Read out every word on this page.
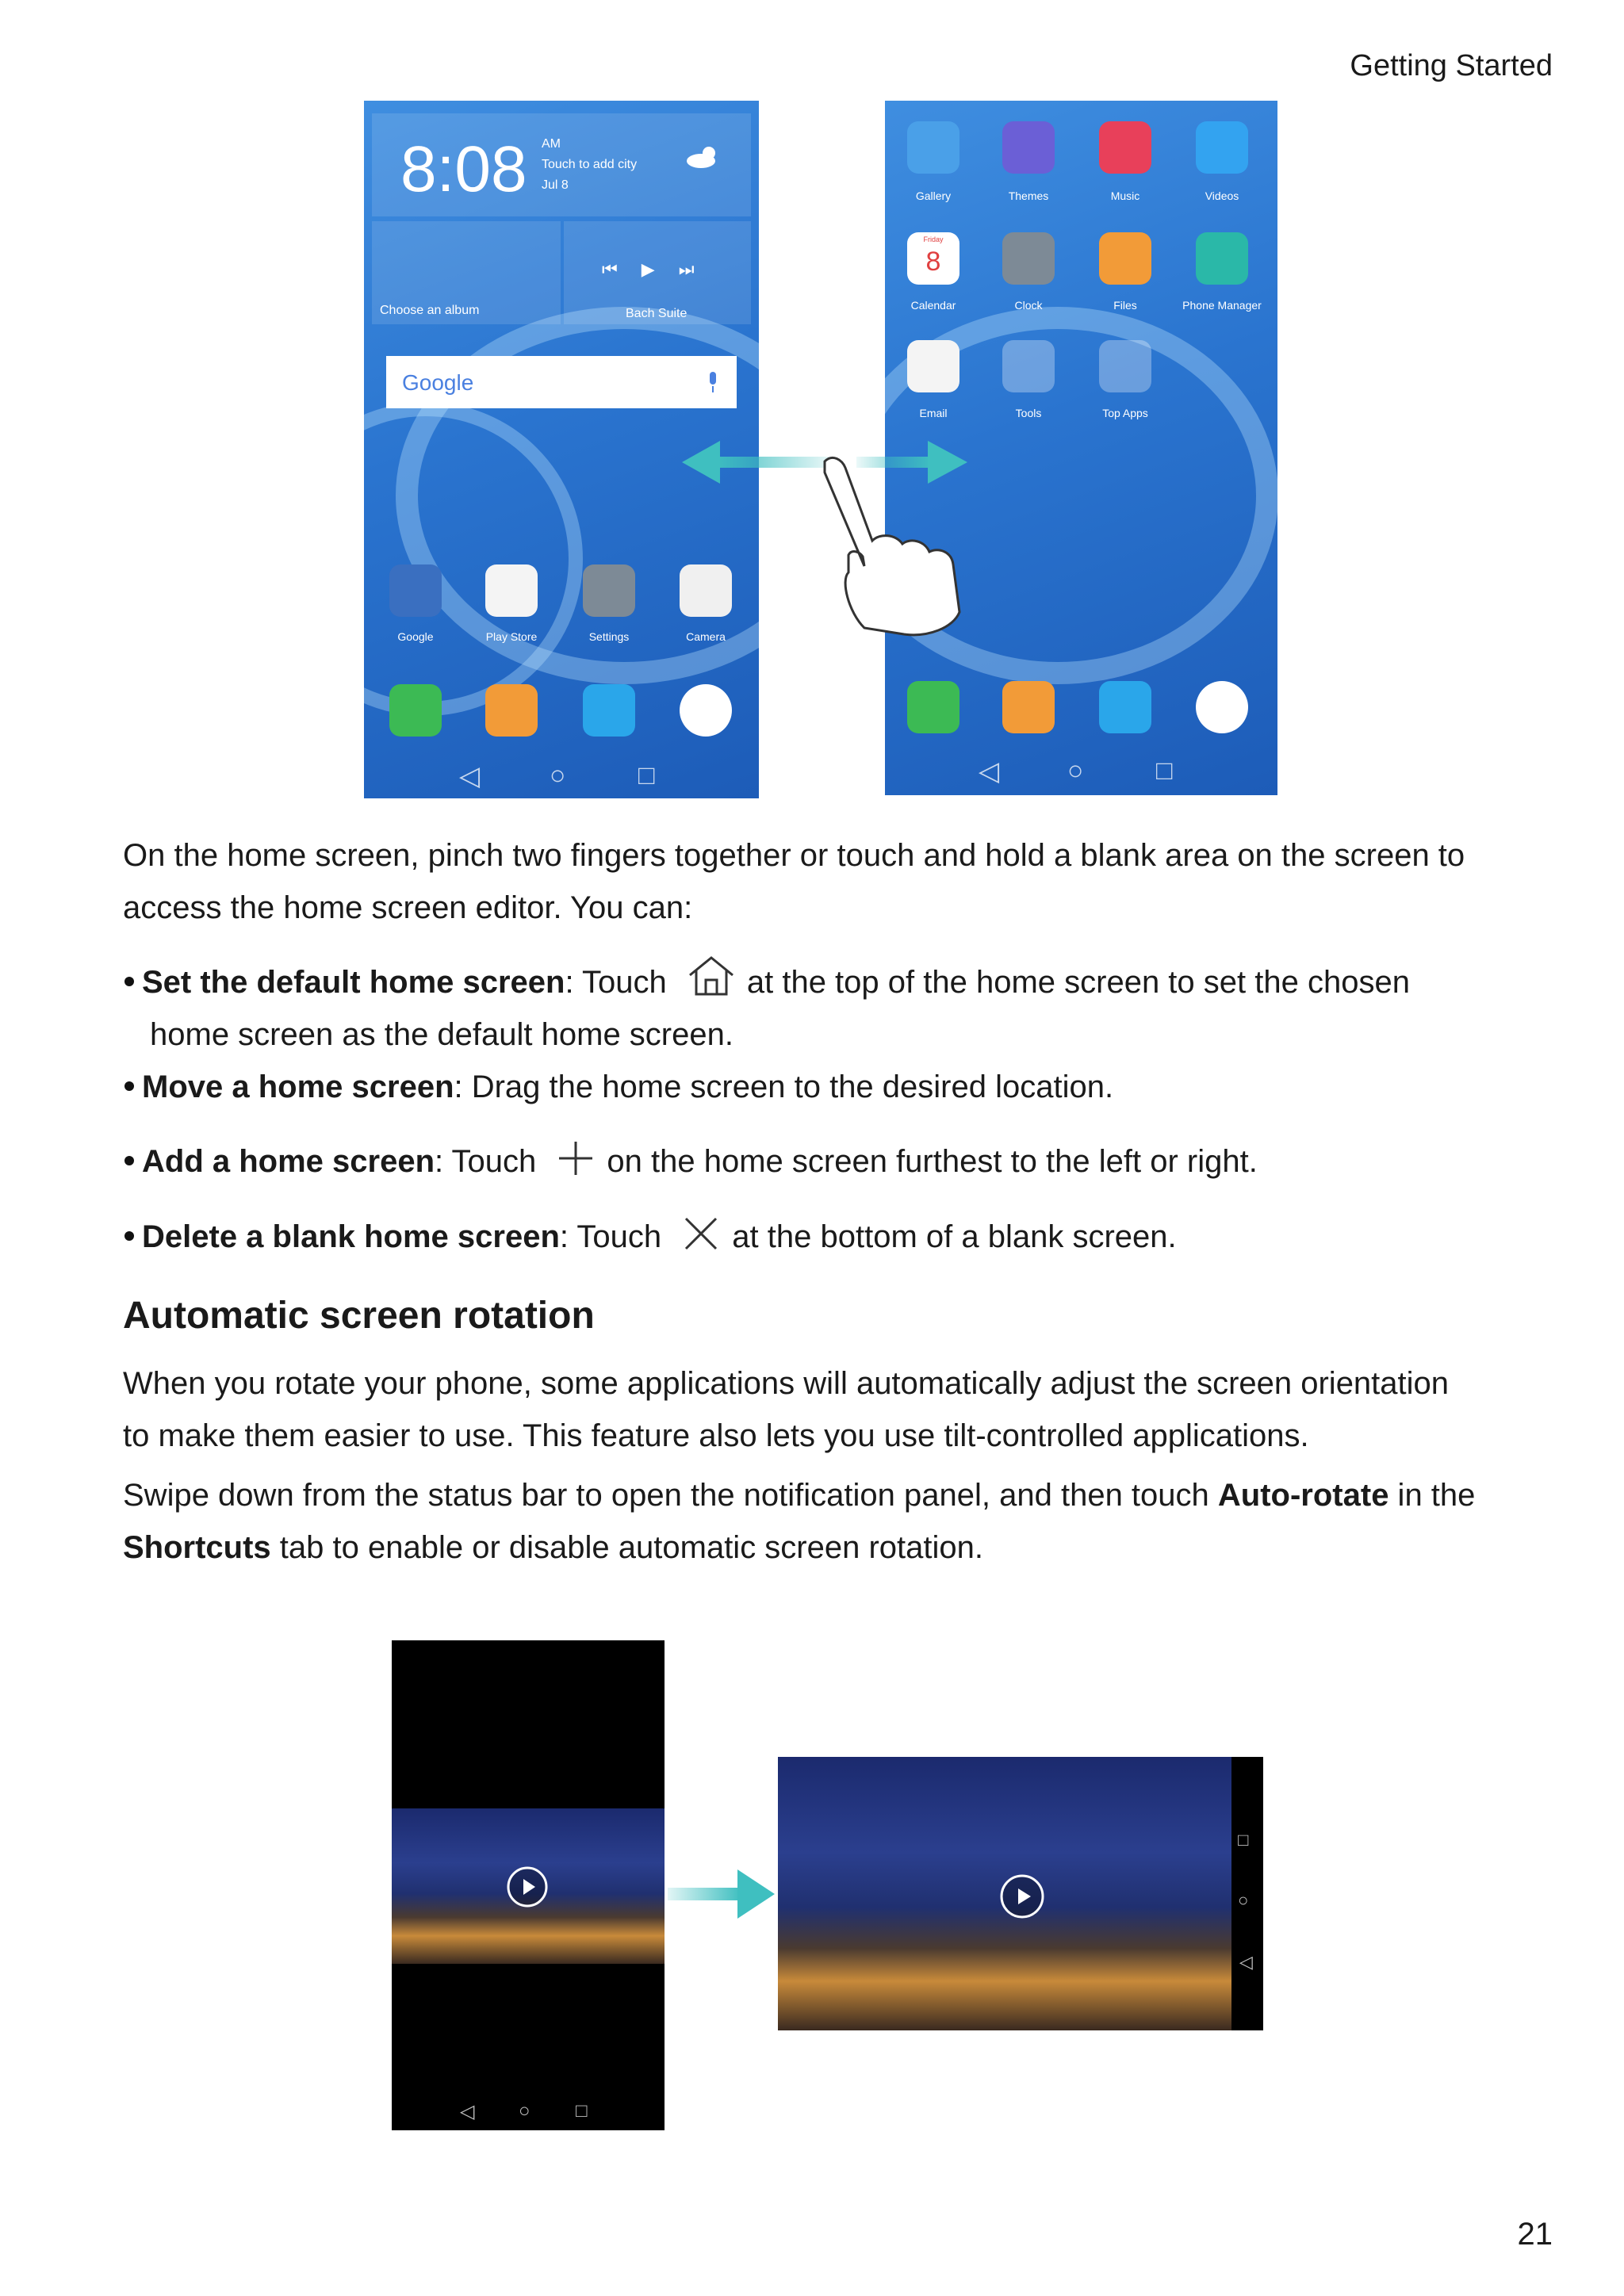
Getting Started
8:08 AM
Touch to add city
Jul 8
Choose an album
⏮▶⏭
Bach Suite
Google
Google	Play Store	Settings	Camera
◁	○	□
Gallery	Themes	Music	Videos
Friday
8
Calendar	Clock	Files	Phone Manager
Email	Tools	Top Apps
◁	○	□

On the home screen, pinch two fingers together or touch and hold a blank area on the screen to
access the home screen editor. You can:

Set the default home screen: Touch	at the top of the home screen to set the chosen
home screen as the default home screen.
Move a home screen: Drag the home screen to the desired location.
Add a home screen: Touch on the home screen furthest to the left or right.
Delete a blank home screen: Touch at the bottom of a blank screen.
Automatic screen rotation

When you rotate your phone, some applications will automatically adjust the screen orientation
to make them easier to use. This feature also lets you use tilt-controlled applications.

Swipe down from the status bar to open the notification panel, and then touch Auto-rotate in the
Shortcuts tab to enable or disable automatic screen rotation.

◁ ○ □
□
○
◁
21
